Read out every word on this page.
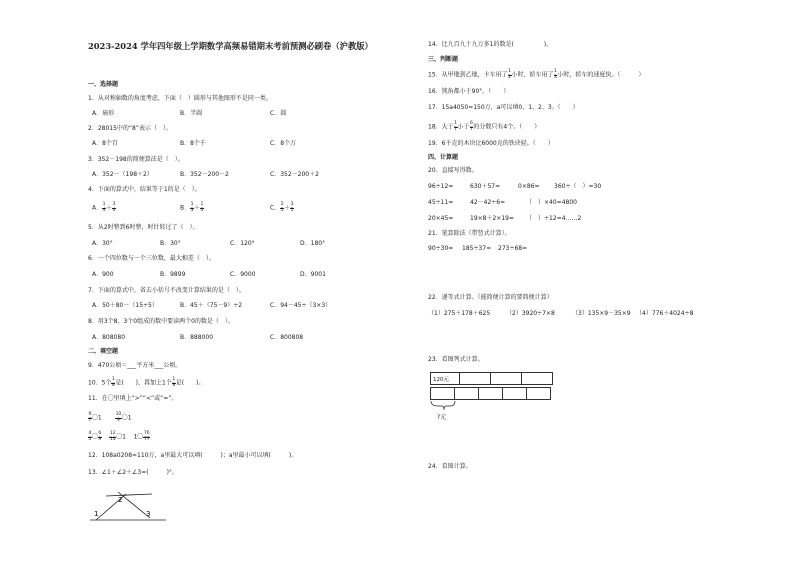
2023-2024 学年四年级上学期数学高频易错期末考前预测必刷卷（沪教版）
一、选择题
1．从对称轴数的角度考虑，下面（　）圆形与其他图形不是同一类。
A．扇形	B．半圆	C．圆
2．28015中的“8”表示（　）。
A．8个百	B．8个千	C．8个万
3．352－198的简便算法是（　）。
A．352－（198＋2）	B．352－200－2	C．352－200＋2
4．下面的算式中，结果等于1的是（　）。
A． $\frac{1}{4} + \frac{3}{4}$	B． $\frac{1}{3} + \frac{1}{3}$	C． $\frac{2}{5} + \frac{3}{5}$
5．从2时整到6时整，时针转过了（　）。
A．30°	B．30°	C．120°	D．180°
6．一个四位数与一个三位数，最大相差（　）。
A．900	B．9899	C．9000	D．9001
7．下面的算式中，省去小括号不改变计算结果的是（　）。
A．50＋80－（15÷5）	B．45＋（75－9）÷2	C．94－45÷（3×3）
8．用3个8、3个0组成的数中要读两个0的数是（　）。
A．808080	B．888000	C．800808
二、填空题
9．470公顷＝___平方米___公顷。
10．5个 $\frac{1}{8}$ 是(　　)，再加上1个 $\frac{1}{8}$ 是(　　)。
11．在〇里填上“>”“<”或“=”。
$\frac{9}{7}$ 〇1	$\frac{10}{9}$ 〇1
$\frac{4}{5}$ 〇 $\frac{6}{9}$
$\frac{12}{13}$ 〇1    1〇 $\frac{76}{77}$
12．108a0208≈110万，a里最大可以填(　　　)；a里最小可以填(　　　)。
13．∠1＋∠2＋∠3=(　　　)°。
1
2
3
14．比九百九十九万多1的数是(　　　　　)。
三、判断题
15．从甲地到乙地，卡车用了 $\frac{1}{2}$ 小时，轿车用了 $\frac{1}{3}$ 小时，轿车的速度快。（　　　）
16．钝角都小于90°。（　　）
17．15a4050≈150万，a可以填0、1、2、3。（　　）
18．大于 $\frac{1}{7}$ 小于 $\frac{6}{7}$ 的分数只有4个。（　　）
19．6千克的木块比6000克的铁块轻。（　　）
四、计算题
20．直接写得数。
96÷12=	630＋57=	0×86= 360÷（　）=30
45÷11=	42－42÷6=	（　）×40=4800
20×45=	19×8＋2×19= （　）÷12=4……2
21．笔算除法（带竖式计算）。
90÷30= 185÷37= 273÷68=
22．递等式计算。（能简便计算的要简便计算）
（1）275＋178＋625	（2）3920÷7×8	（3）135×9－35×9 （4）776＋4024÷8
23．看图列式计算。
120元			

?元
24．看图计算。
